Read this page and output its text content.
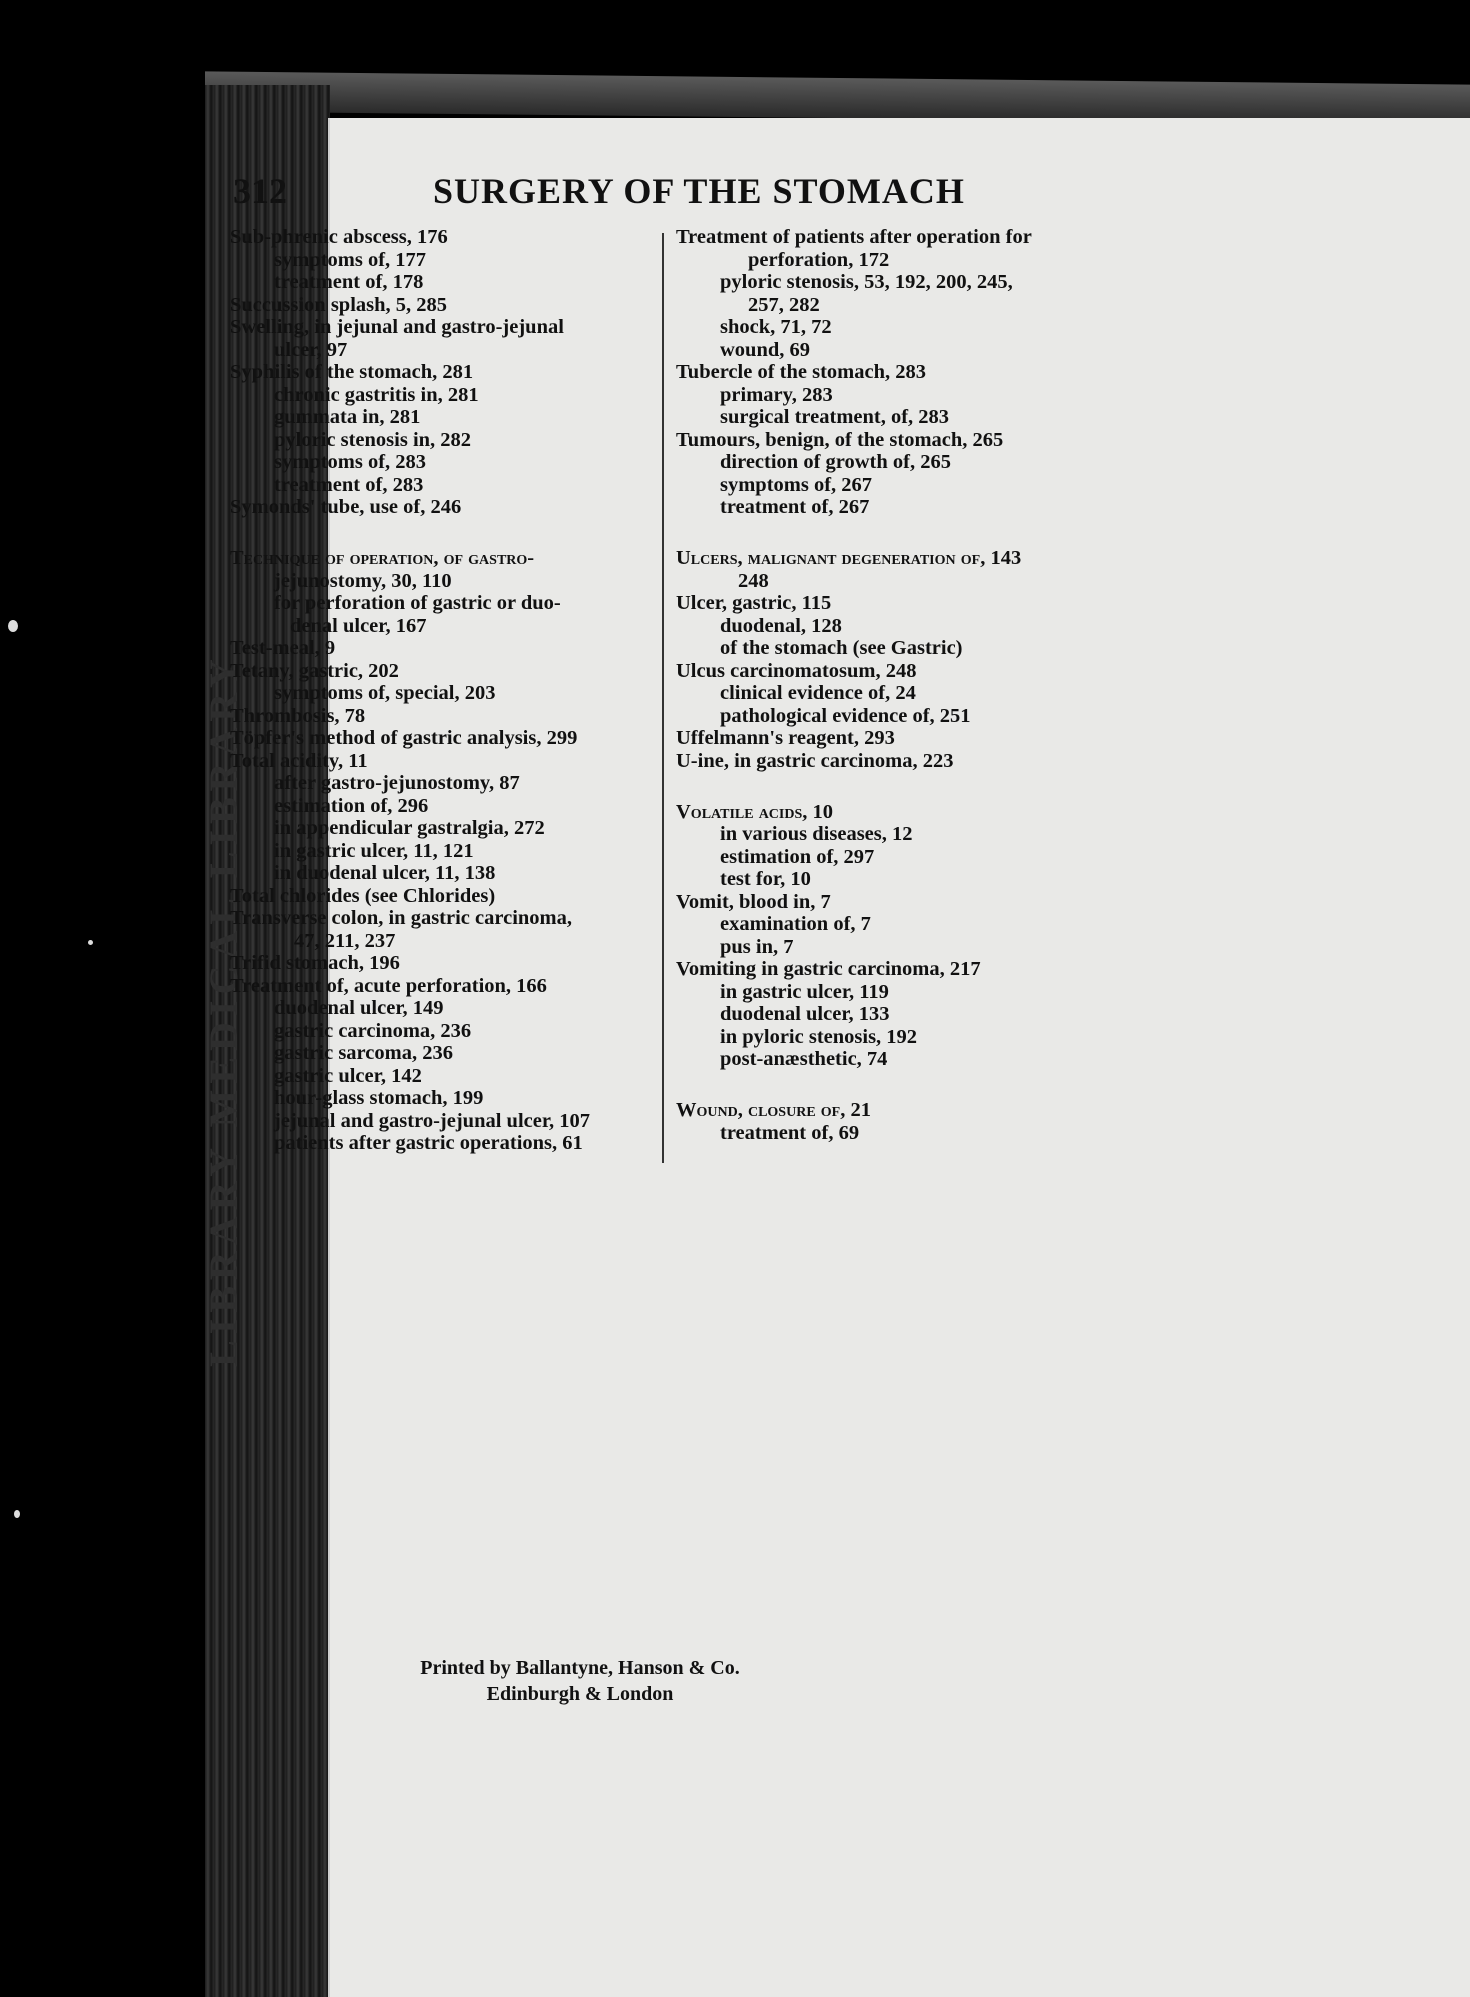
LIBRARY MEDICAL LIBRARY
312	SURGERY OF THE STOMACH
Sub-phrenic abscess, 176
symptoms of, 177
treatment of, 178
Succussion splash, 5, 285
Swelling, in jejunal and gastro-jejunal
ulcer, 97
Syphilis of the stomach, 281
chronic gastritis in, 281
gummata in, 281
pyloric stenosis in, 282
symptoms of, 283
treatment of, 283
Symonds' tube, use of, 246
Technique of operation, of gastro-
jejunostomy, 30, 110
for perforation of gastric or duo-
denal ulcer, 167
Test-meal, 9
Tetany, gastric, 202
symptoms of, special, 203
Thrombosis, 78
Töpfer's method of gastric analysis, 299
Total acidity, 11
after gastro-jejunostomy, 87
estimation of, 296
in appendicular gastralgia, 272
in gastric ulcer, 11, 121
in duodenal ulcer, 11, 138
Total chlorides (see Chlorides)
Transverse colon, in gastric carcinoma,
47, 211, 237
Trifid stomach, 196
Treatment of, acute perforation, 166
duodenal ulcer, 149
gastric carcinoma, 236
gastric sarcoma, 236
gastric ulcer, 142
hour-glass stomach, 199
jejunal and gastro-jejunal ulcer, 107
patients after gastric operations, 61
Treatment of patients after operation for
perforation, 172
pyloric stenosis, 53, 192, 200, 245,
257, 282
shock, 71, 72
wound, 69
Tubercle of the stomach, 283
primary, 283
surgical treatment, of, 283
Tumours, benign, of the stomach, 265
direction of growth of, 265
symptoms of, 267
treatment of, 267
Ulcers, malignant degeneration of, 143
248
Ulcer, gastric, 115
duodenal, 128
of the stomach (see Gastric)
Ulcus carcinomatosum, 248
clinical evidence of, 24
pathological evidence of, 251
Uffelmann's reagent, 293
U-ine, in gastric carcinoma, 223
Volatile acids, 10
in various diseases, 12
estimation of, 297
test for, 10
Vomit, blood in, 7
examination of, 7
pus in, 7
Vomiting in gastric carcinoma, 217
in gastric ulcer, 119
duodenal ulcer, 133
in pyloric stenosis, 192
post-anæsthetic, 74
Wound, closure of, 21
treatment of, 69
Printed by Ballantyne, Hanson & Co.
Edinburgh & London
